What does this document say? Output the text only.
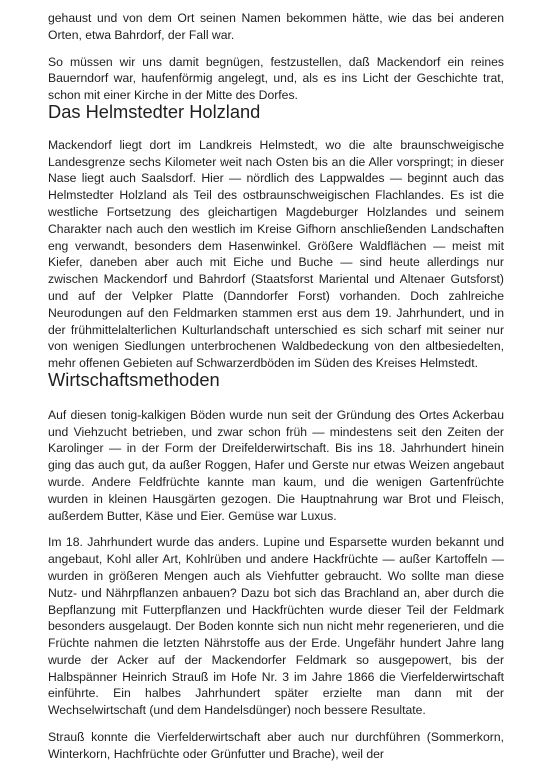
gehaust und von dem Ort seinen Namen bekommen hätte, wie das bei anderen Orten, etwa Bahrdorf, der Fall war.

So müssen wir uns damit begnügen, festzustellen, daß Mackendorf ein reines Bauerndorf war, haufenförmig angelegt, und, als es ins Licht der Geschichte trat, schon mit einer Kirche in der Mitte des Dorfes.

Das Helmstedter Holzland

Mackendorf liegt dort im Landkreis Helmstedt, wo die alte braunschweigische Landesgrenze sechs Kilometer weit nach Osten bis an die Aller vorspringt; in dieser Nase liegt auch Saalsdorf. Hier — nördlich des Lappwaldes — beginnt auch das Helmstedter Holzland als Teil des ostbraunschweigischen Flachlandes. Es ist die westliche Fortsetzung des gleichartigen Magdeburger Holzlandes und seinem Charakter nach auch den westlich im Kreise Gifhorn anschließenden Landschaften eng verwandt, besonders dem Hasenwinkel. Größere Waldflächen — meist mit Kiefer, daneben aber auch mit Eiche und Buche — sind heute allerdings nur zwischen Mackendorf und Bahrdorf (Staatsforst Mariental und Altenaer Gutsforst) und auf der Velpker Platte (Danndorfer Forst) vorhanden. Doch zahlreiche Neurodungen auf den Feldmarken stammen erst aus dem 19. Jahrhundert, und in der frühmittelalterlichen Kulturlandschaft unterschied es sich scharf mit seiner nur von wenigen Siedlungen unterbrochenen Waldbedeckung von den altbesiedelten, mehr offenen Gebieten auf Schwarzerdböden im Süden des Kreises Helmstedt.

Wirtschaftsmethoden

Auf diesen tonig-kalkigen Böden wurde nun seit der Gründung des Ortes Ackerbau und Viehzucht betrieben, und zwar schon früh — mindestens seit den Zeiten der Karolinger — in der Form der Dreifelderwirtschaft. Bis ins 18. Jahrhundert hinein ging das auch gut, da außer Roggen, Hafer und Gerste nur etwas Weizen angebaut wurde. Andere Feldfrüchte kannte man kaum, und die wenigen Gartenfrüchte wurden in kleinen Hausgärten gezogen. Die Hauptnahrung war Brot und Fleisch, außerdem Butter, Käse und Eier. Gemüse war Luxus.

Im 18. Jahrhundert wurde das anders. Lupine und Esparsette wurden bekannt und angebaut, Kohl aller Art, Kohlrüben und andere Hackfrüchte — außer Kartoffeln — wurden in größeren Mengen auch als Viehfutter gebraucht. Wo sollte man diese Nutz- und Nährpflanzen anbauen? Dazu bot sich das Brachland an, aber durch die Bepflanzung mit Futterpflanzen und Hackfrüchten wurde dieser Teil der Feldmark besonders ausgelaugt. Der Boden konnte sich nun nicht mehr regenerieren, und die Früchte nahmen die letzten Nährstoffe aus der Erde. Ungefähr hundert Jahre lang wurde der Acker auf der Mackendorfer Feldmark so ausgepowert, bis der Halbspänner Heinrich Strauß im Hofe Nr. 3 im Jahre 1866 die Vierfelderwirtschaft einführte. Ein halbes Jahrhundert später erzielte man dann mit der Wechselwirtschaft (und dem Handelsdünger) noch bessere Resultate.

Strauß konnte die Vierfelderwirtschaft aber auch nur durchführen (Sommerkorn, Winterkorn, Hachfrüchte oder Grünfutter und Brache), weil der
